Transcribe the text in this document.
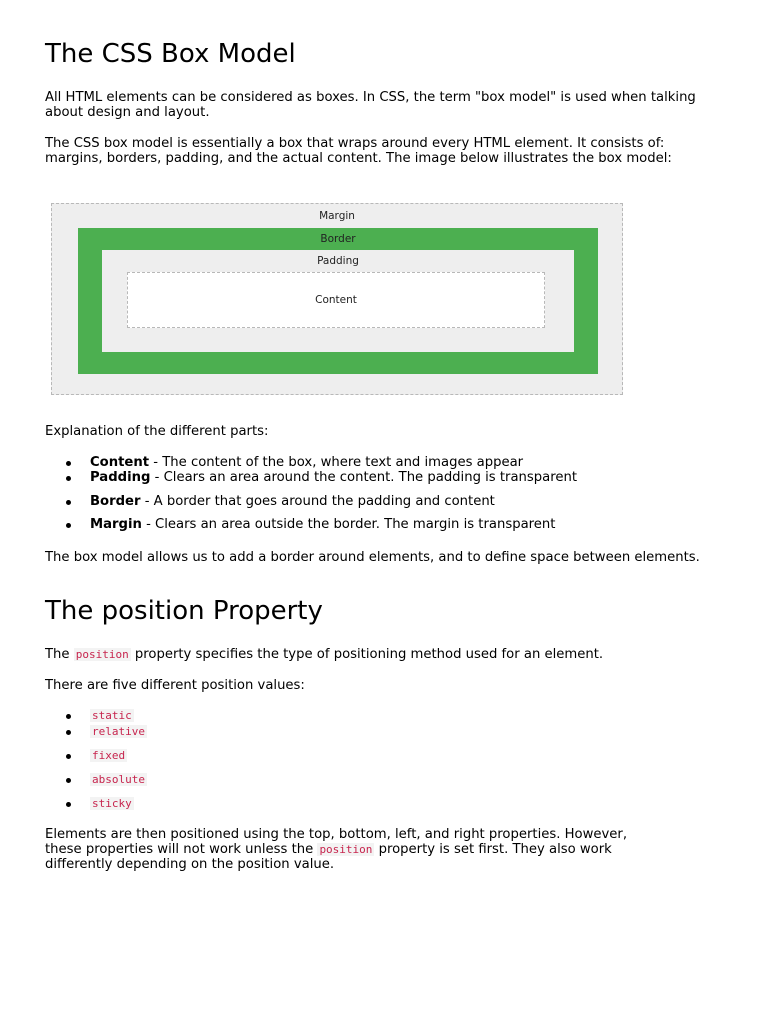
The CSS Box Model

All HTML elements can be considered as boxes. In CSS, the term "box model" is used when talking about design and layout.

The CSS box model is essentially a box that wraps around every HTML element. It consists of: margins, borders, padding, and the actual content. The image below illustrates the box model:

Margin
Border
Padding
Content

Explanation of the different parts:

Content - The content of the box, where text and images appear
Padding - Clears an area around the content. The padding is transparent
Border - A border that goes around the padding and content
Margin - Clears an area outside the border. The margin is transparent

The box model allows us to add a border around elements, and to define space between elements.

The position Property

The position property specifies the type of positioning method used for an element.

There are five different position values:

static
relative
fixed
absolute
sticky

Elements are then positioned using the top, bottom, left, and right properties. However,
these properties will not work unless the position property is set first. They also work
differently depending on the position value.
